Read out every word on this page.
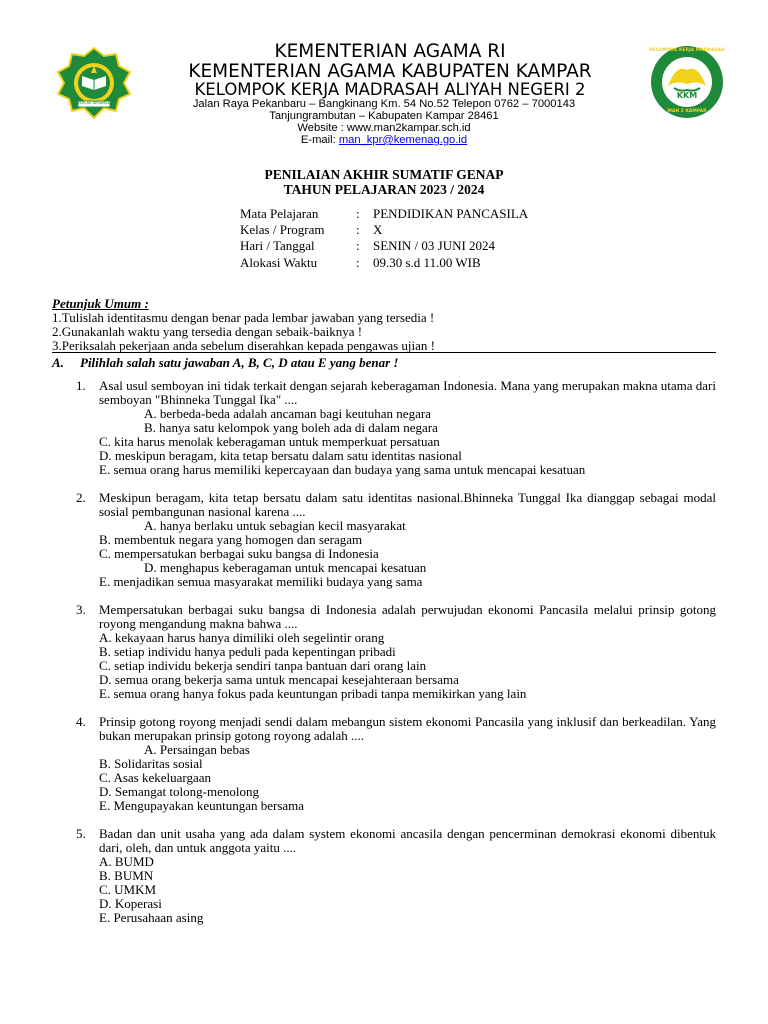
IKHLAS BERAMAL
KELOMPOK KERJA MADRASAH
KKM
MAN 2 KAMPAR
KEMENTERIAN AGAMA RI
KEMENTERIAN AGAMA KABUPATEN KAMPAR
KELOMPOK KERJA MADRASAH ALIYAH NEGERI 2
Jalan Raya Pekanbaru – Bangkinang Km. 54 No.52 Telepon 0762 – 7000143
Tanjungrambutan – Kabupaten Kampar 28461
Website : www.man2kampar.sch.id
E-mail: man_kpr@kemenag.go.id
PENILAIAN AKHIR SUMATIF GENAP
TAHUN PELAJARAN 2023 / 2024
Mata Pelajaran	: PENDIDIKAN PANCASILA
Kelas / Program : X
Hari / Tanggal	: SENIN / 03 JUNI 2024
Alokasi Waktu	: 09.30 s.d 11.00 WIB
Petunjuk Umum :
1.Tulislah identitasmu dengan benar pada lembar jawaban yang tersedia !
2.Gunakanlah waktu yang tersedia dengan sebaik-baiknya !
3.Periksalah pekerjaan anda sebelum diserahkan kepada pengawas ujian !
A. Pilihlah salah satu jawaban A, B, C, D atau E yang benar !
1. Asal usul semboyan ini tidak terkait dengan sejarah keberagaman Indonesia. Mana yang merupakan makna utama dari semboyan "Bhinneka Tunggal Ika" ....
A. berbeda-beda adalah ancaman bagi keutuhan negara
B. hanya satu kelompok yang boleh ada di dalam negara
C. kita harus menolak keberagaman untuk memperkuat persatuan
D. meskipun beragam, kita tetap bersatu dalam satu identitas nasional
E. semua orang harus memiliki kepercayaan dan budaya yang sama untuk mencapai kesatuan
2. Meskipun beragam, kita tetap bersatu dalam satu identitas nasional.Bhinneka Tunggal Ika dianggap sebagai modal sosial pembangunan nasional karena ....
A. hanya berlaku untuk sebagian kecil masyarakat
B. membentuk negara yang homogen dan seragam
C. mempersatukan berbagai suku bangsa di Indonesia
D. menghapus keberagaman untuk mencapai kesatuan
E. menjadikan semua masyarakat memiliki budaya yang sama
3. Mempersatukan berbagai suku bangsa di Indonesia adalah perwujudan ekonomi Pancasila melalui prinsip gotong royong mengandung makna bahwa ....
A. kekayaan harus hanya dimiliki oleh segelintir orang
B. setiap individu hanya peduli pada kepentingan pribadi
C. setiap individu bekerja sendiri tanpa bantuan dari orang lain
D. semua orang bekerja sama untuk mencapai kesejahteraan bersama
E. semua orang hanya fokus pada keuntungan pribadi tanpa memikirkan yang lain
4. Prinsip gotong royong menjadi sendi dalam mebangun sistem ekonomi Pancasila yang inklusif dan berkeadilan. Yang bukan merupakan prinsip gotong royong adalah ....
A. Persaingan bebas
B. Solidaritas sosial
C. Asas kekeluargaan
D. Semangat tolong-menolong
E. Mengupayakan keuntungan bersama
5. Badan dan unit usaha yang ada dalam system ekonomi ancasila dengan pencerminan demokrasi ekonomi dibentuk dari, oleh, dan untuk anggota yaitu ....
A. BUMD
B. BUMN
C. UMKM
D. Koperasi
E. Perusahaan asing
